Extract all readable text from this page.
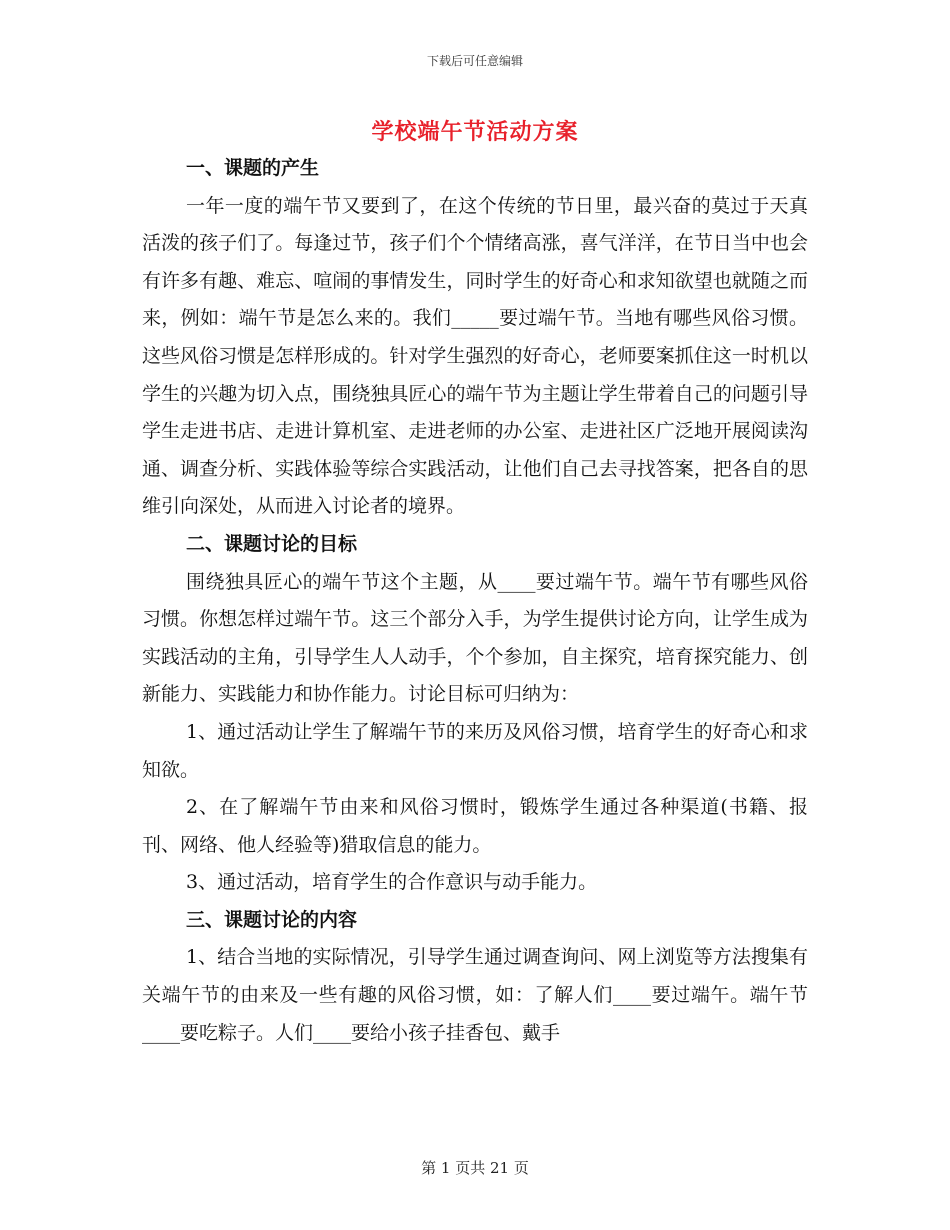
下载后可任意编辑
学校端午节活动方案

一、课题的产生

一年一度的端午节又要到了，在这个传统的节日里，最兴奋的莫过于天真活泼的孩子们了。每逢过节，孩子们个个情绪高涨，喜气洋洋，在节日当中也会有许多有趣、难忘、喧闹的事情发生，同时学生的好奇心和求知欲望也就随之而来，例如：端午节是怎么来的。我们_____要过端午节。当地有哪些风俗习惯。这些风俗习惯是怎样形成的。针对学生强烈的好奇心，老师要案抓住这一时机以学生的兴趣为切入点，围绕独具匠心的端午节为主题让学生带着自己的问题引导学生走进书店、走进计算机室、走进老师的办公室、走进社区广泛地开展阅读沟通、调查分析、实践体验等综合实践活动，让他们自己去寻找答案，把各自的思维引向深处，从而进入讨论者的境界。

二、课题讨论的目标

围绕独具匠心的端午节这个主题，从____要过端午节。端午节有哪些风俗习惯。你想怎样过端午节。这三个部分入手，为学生提供讨论方向，让学生成为实践活动的主角，引导学生人人动手，个个参加，自主探究，培育探究能力、创新能力、实践能力和协作能力。讨论目标可归纳为：

1、通过活动让学生了解端午节的来历及风俗习惯，培育学生的好奇心和求知欲。

2、在了解端午节由来和风俗习惯时，锻炼学生通过各种渠道(书籍、报刊、网络、他人经验等)猎取信息的能力。

3、通过活动，培育学生的合作意识与动手能力。

三、课题讨论的内容

1、结合当地的实际情况，引导学生通过调查询问、网上浏览等方法搜集有关端午节的由来及一些有趣的风俗习惯，如：了解人们____要过端午。端午节____要吃粽子。人们____要给小孩子挂香包、戴手

第 1 页共 21 页
